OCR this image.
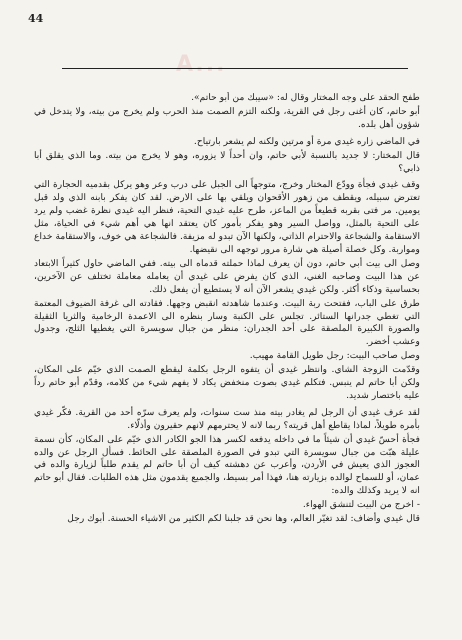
44
A...

طفح الحقد على وجه المختار وقال له: «سيبك من أبو حاتم».

أبو حاتم، كان أغنى رجل في القرية، ولكنه التزم الصمت منذ الحرب ولم يخرج من بيته، ولا يتدخل في شؤون أهل بلده.

في الماضي زاره غيدي مرة أو مرتين ولكنه لم يشعر بارتياح.

قال المختار: لا جديد بالنسبة لأبي حاتم، وان أحداً لا يزوره، وهو لا يخرج من بيته. وما الذي يقلق أبا ذابي؟

وقف غيدي فجأة وودّع المختار وخرج، متوجهاً الى الجبل على درب وعر وهو يركل بقدميه الحجارة التي تعترض سبيله، ويقطف من زهور الأقحوان ويلقي بها على الارض. لقد كان يفكر بابنه الذي ولد قبل يومين. مر فتى بقربه قطيعاً من الماعز، طرح عليه غيدي التحية، فنظر اليه غيدي نظرة غضب ولم يرد على التحية بالمثل، وواصل السير وهو يفكر بأمور كان يعتقد انها هي أهم شيء في الحياة، مثل الاستقامة والشجاعة والاحترام الذاتي، ولكنها الآن تبدو له مزيفة. فالشجاعة هي خوف، والاستقامة خداع ومواربة. وكل خصلة أصيلة هي شارة مرور توجهه الى نقيضها.

وصل الى بيت أبي حاتم، دون أن يعرف لماذا حملته قدماه الى بيته. ففي الماضي حاول كثيراً الابتعاد عن هذا البيت وصاحبه الغني، الذي كان يفرض على غيدي أن يعامله معاملة تختلف عن الآخرين، بحساسية وذكاء أكثر. ولكن غيدي يشعر الآن أنه لا يستطيع أن يفعل ذلك.

طرق على الباب، ففتحت ربة البيت. وعندما شاهدته انقبض وجهها. فقادته الى غرفة الضيوف المعتمة التي تغطي جدرانها الستائر. تجلس على الكنبة وسار بنظره الى الاعمدة الرخامية والثريا الثقيلة والصورة الكبيرة الملصقة على أحد الجدران: منظر من جبال سويسرة التي يغطيها الثلج، وجدول وعشب أخضر.

وصل صاحب البيت: رجل طويل القامة مهيب.

وقدّمت الزوجة الشاي. وانتظر غيدي أن يتفوه الرجل بكلمة ليقطع الصمت الذي خيّم على المكان، ولكن أبا حاتم لم ينبس. فتكلم غيدي بصوت منخفض يكاد لا يفهم شيء من كلامه، وقدّم أبو حاتم رداً عليه باختصار شديد.

لقد عرف غيدي أن الرجل لم يغادر بيته منذ ست سنوات، ولم يعرف سرّه أحد من القرية. فكّر غيدي بأمره طويلاً، لماذا يقاطع أهل قريته؟ ربما لانه لا يحترمهم لانهم حقيرون وأذلّاء.

فجأة أحسّ غيدي أن شيئاً ما في داخله يدفعه لكسر هذا الجو الكادر الذي خيّم على المكان، كأن نسمة عليلة هبّت من جبال سويسرة التي تبدو في الصورة الملصقة على الحائط. فسأل الرجل عن والده العجوز الذي يعيش في الأردن، وأعرب عن دهشته كيف أن أبا حاتم لم يقدم طلباً لزيارة والده في عمان، أو للسماح لوالده بزيارته هنا، فهذا أمر بسيط، والجميع يقدمون مثل هذه الطلبات. فقال أبو حاتم انه لا يريد وكذلك والده:

- اخرج من البيت لتنشق الهواء.

قال غيدي وأضاف: لقد تغيّر العالم، وها نحن قد جلبنا لكم الكثير من الاشياء الحسنة. أبوك رجل
